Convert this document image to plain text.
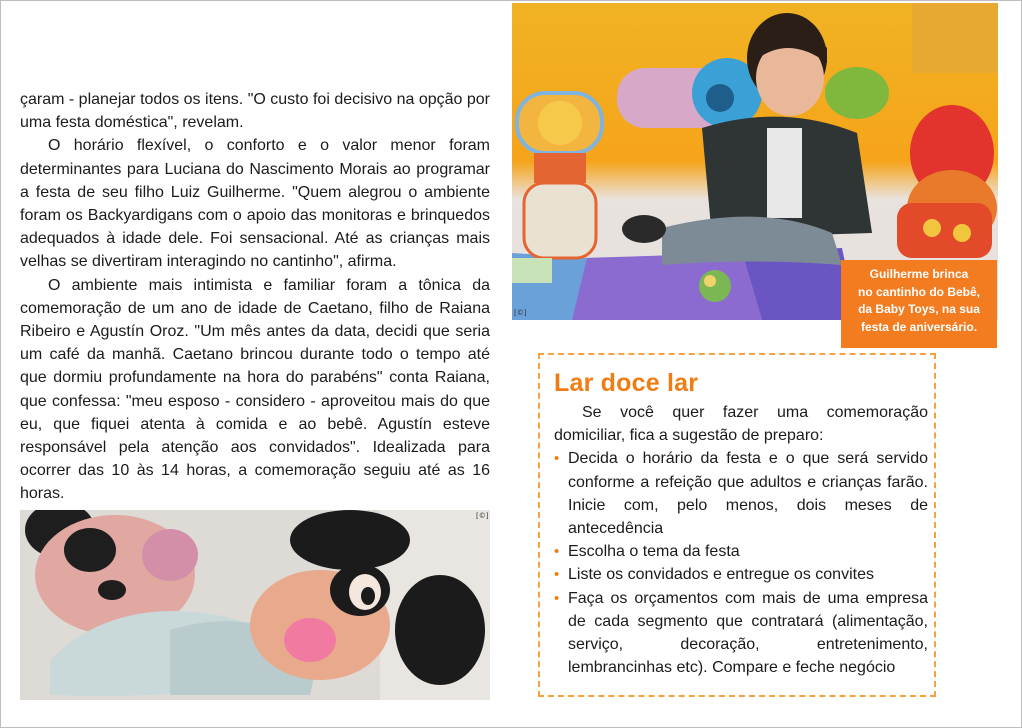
çaram - planejar todos os itens. "O custo foi decisivo na opção por uma festa doméstica", revelam.

O horário flexível, o conforto e o valor menor foram determinantes para Luciana do Nascimento Morais ao programar a festa de seu filho Luiz Guilherme. "Quem alegrou o ambiente foram os Backyardigans com o apoio das monitoras e brinquedos adequados à idade dele. Foi sensacional. Até as crianças mais velhas se divertiram interagindo no cantinho", afirma.

O ambiente mais intimista e familiar foram a tônica da comemoração de um ano de idade de Caetano, filho de Raiana Ribeiro e Agustín Oroz. "Um mês antes da data, decidi que seria um café da manhã. Caetano brincou durante todo o tempo até que dormiu profundamente na hora do parabéns" conta Raiana, que confessa: "meu esposo - considero - aproveitou mais do que eu, que fiquei atenta à comida e ao bebê. Agustín esteve responsável pela atenção aos convidados". Idealizada para ocorrer das 10 às 14 horas, a comemoração seguiu até as 16 horas.

[©]
Guilherme brinca
no cantinho do Bebê,
da Baby Toys, na sua
festa de aniversário.
[©]
Lar doce lar

Se você quer fazer uma comemoração domiciliar, fica a sugestão de preparo:

• Decida o horário da festa e o que será servido conforme a refeição que adultos e crianças farão. Inicie com, pelo menos, dois meses de antecedência
• Escolha o tema da festa
• Liste os convidados e entregue os convites
• Faça os orçamentos com mais de uma empresa de cada segmento que contratará (alimentação, serviço, decoração, entretenimento, lembrancinhas etc). Compare e feche negócio
